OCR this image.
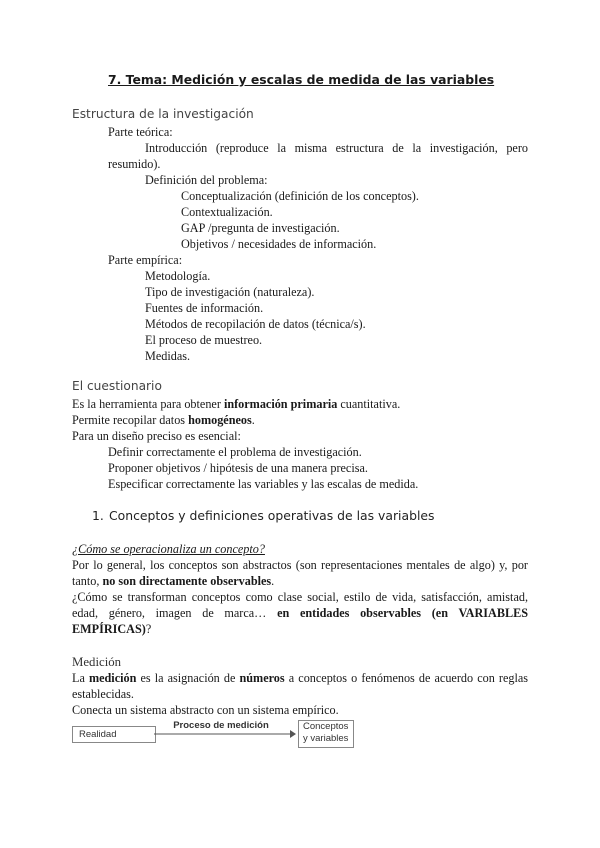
7. Tema: Medición y escalas de medida de las variables
Estructura de la investigación
Parte teórica:
Introducción (reproduce la misma estructura de la investigación, pero
resumido).
Definición del problema:
Conceptualización (definición de los conceptos).
Contextualización.
GAP /pregunta de investigación.
Objetivos / necesidades de información.
Parte empírica:
Metodología.
Tipo de investigación (naturaleza).
Fuentes de información.
Métodos de recopilación de datos (técnica/s).
El proceso de muestreo.
Medidas.
El cuestionario
Es la herramienta para obtener información primaria cuantitativa.
Permite recopilar datos homogéneos.
Para un diseño preciso es esencial:
Definir correctamente el problema de investigación.
Proponer objetivos / hipótesis de una manera precisa.
Especificar correctamente las variables y las escalas de medida.
1. Conceptos y definiciones operativas de las variables
¿Cómo se operacionaliza un concepto?
Por lo general, los conceptos son abstractos (son representaciones mentales de algo) y, por tanto, no son directamente observables.
¿Cómo se transforman conceptos como clase social, estilo de vida, satisfacción, amistad, edad, género, imagen de marca… en entidades observables (en VARIABLES EMPÍRICAS)?
Medición
La medición es la asignación de números a conceptos o fenómenos de acuerdo con reglas establecidas.
Conecta un sistema abstracto con un sistema empírico.
Realidad
Proceso de medición	Conceptos
y variables
